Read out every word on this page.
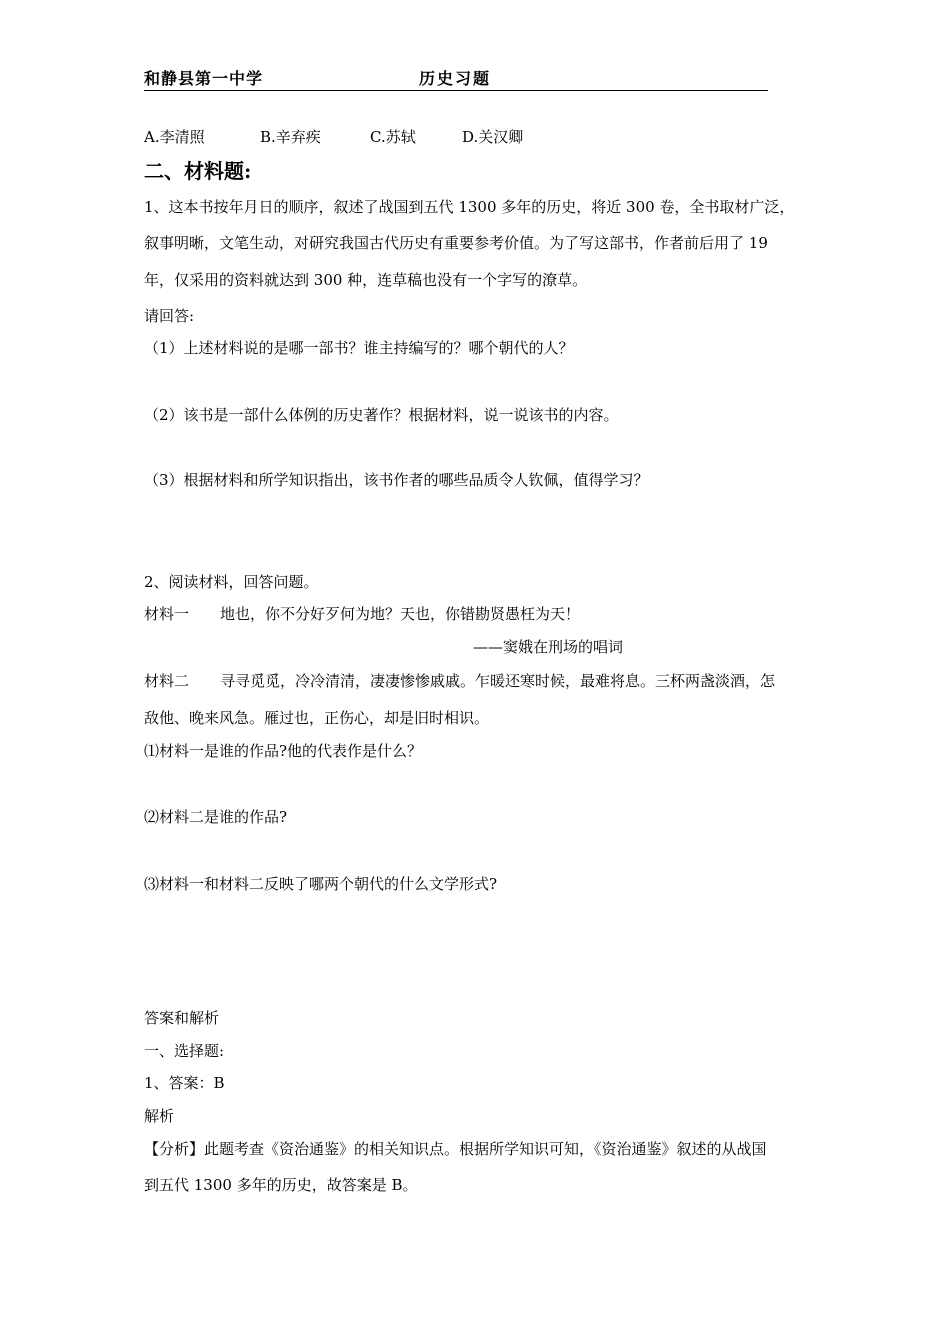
和静县第一中学	历史习题
A.李清照	B.辛弃疾	C.苏轼	D.关汉卿
二、材料题:
1、这本书按年月日的顺序，叙述了战国到五代 1300 多年的历史，将近 300 卷，全书取材广泛，
叙事明晰，文笔生动，对研究我国古代历史有重要参考价值。为了写这部书，作者前后用了 19
年，仅采用的资料就达到 300 种，连草稿也没有一个字写的潦草。
请回答:
（1）上述材料说的是哪一部书？谁主持编写的？哪个朝代的人？
（2）该书是一部什么体例的历史著作？根据材料，说一说该书的内容。
（3）根据材料和所学知识指出，该书作者的哪些品质令人钦佩，值得学习？
2、阅读材料，回答问题。
材料一 地也，你不分好歹何为地？天也，你错勘贤愚枉为天！
——窦娥在刑场的唱词
材料二 寻寻觅觅，冷冷清清，凄凄惨惨戚戚。乍暖还寒时候，最难将息。三杯两盏淡酒，怎
敌他、晚来风急。雁过也，正伤心，却是旧时相识。
⑴材料一是谁的作品?他的代表作是什么？
⑵材料二是谁的作品?
⑶材料一和材料二反映了哪两个朝代的什么文学形式?
答案和解析
一、选择题:
1、答案：B
解析
【分析】此题考查《资治通鉴》的相关知识点。根据所学知识可知，《资治通鉴》叙述的从战国
到五代 1300 多年的历史，故答案是 B。
